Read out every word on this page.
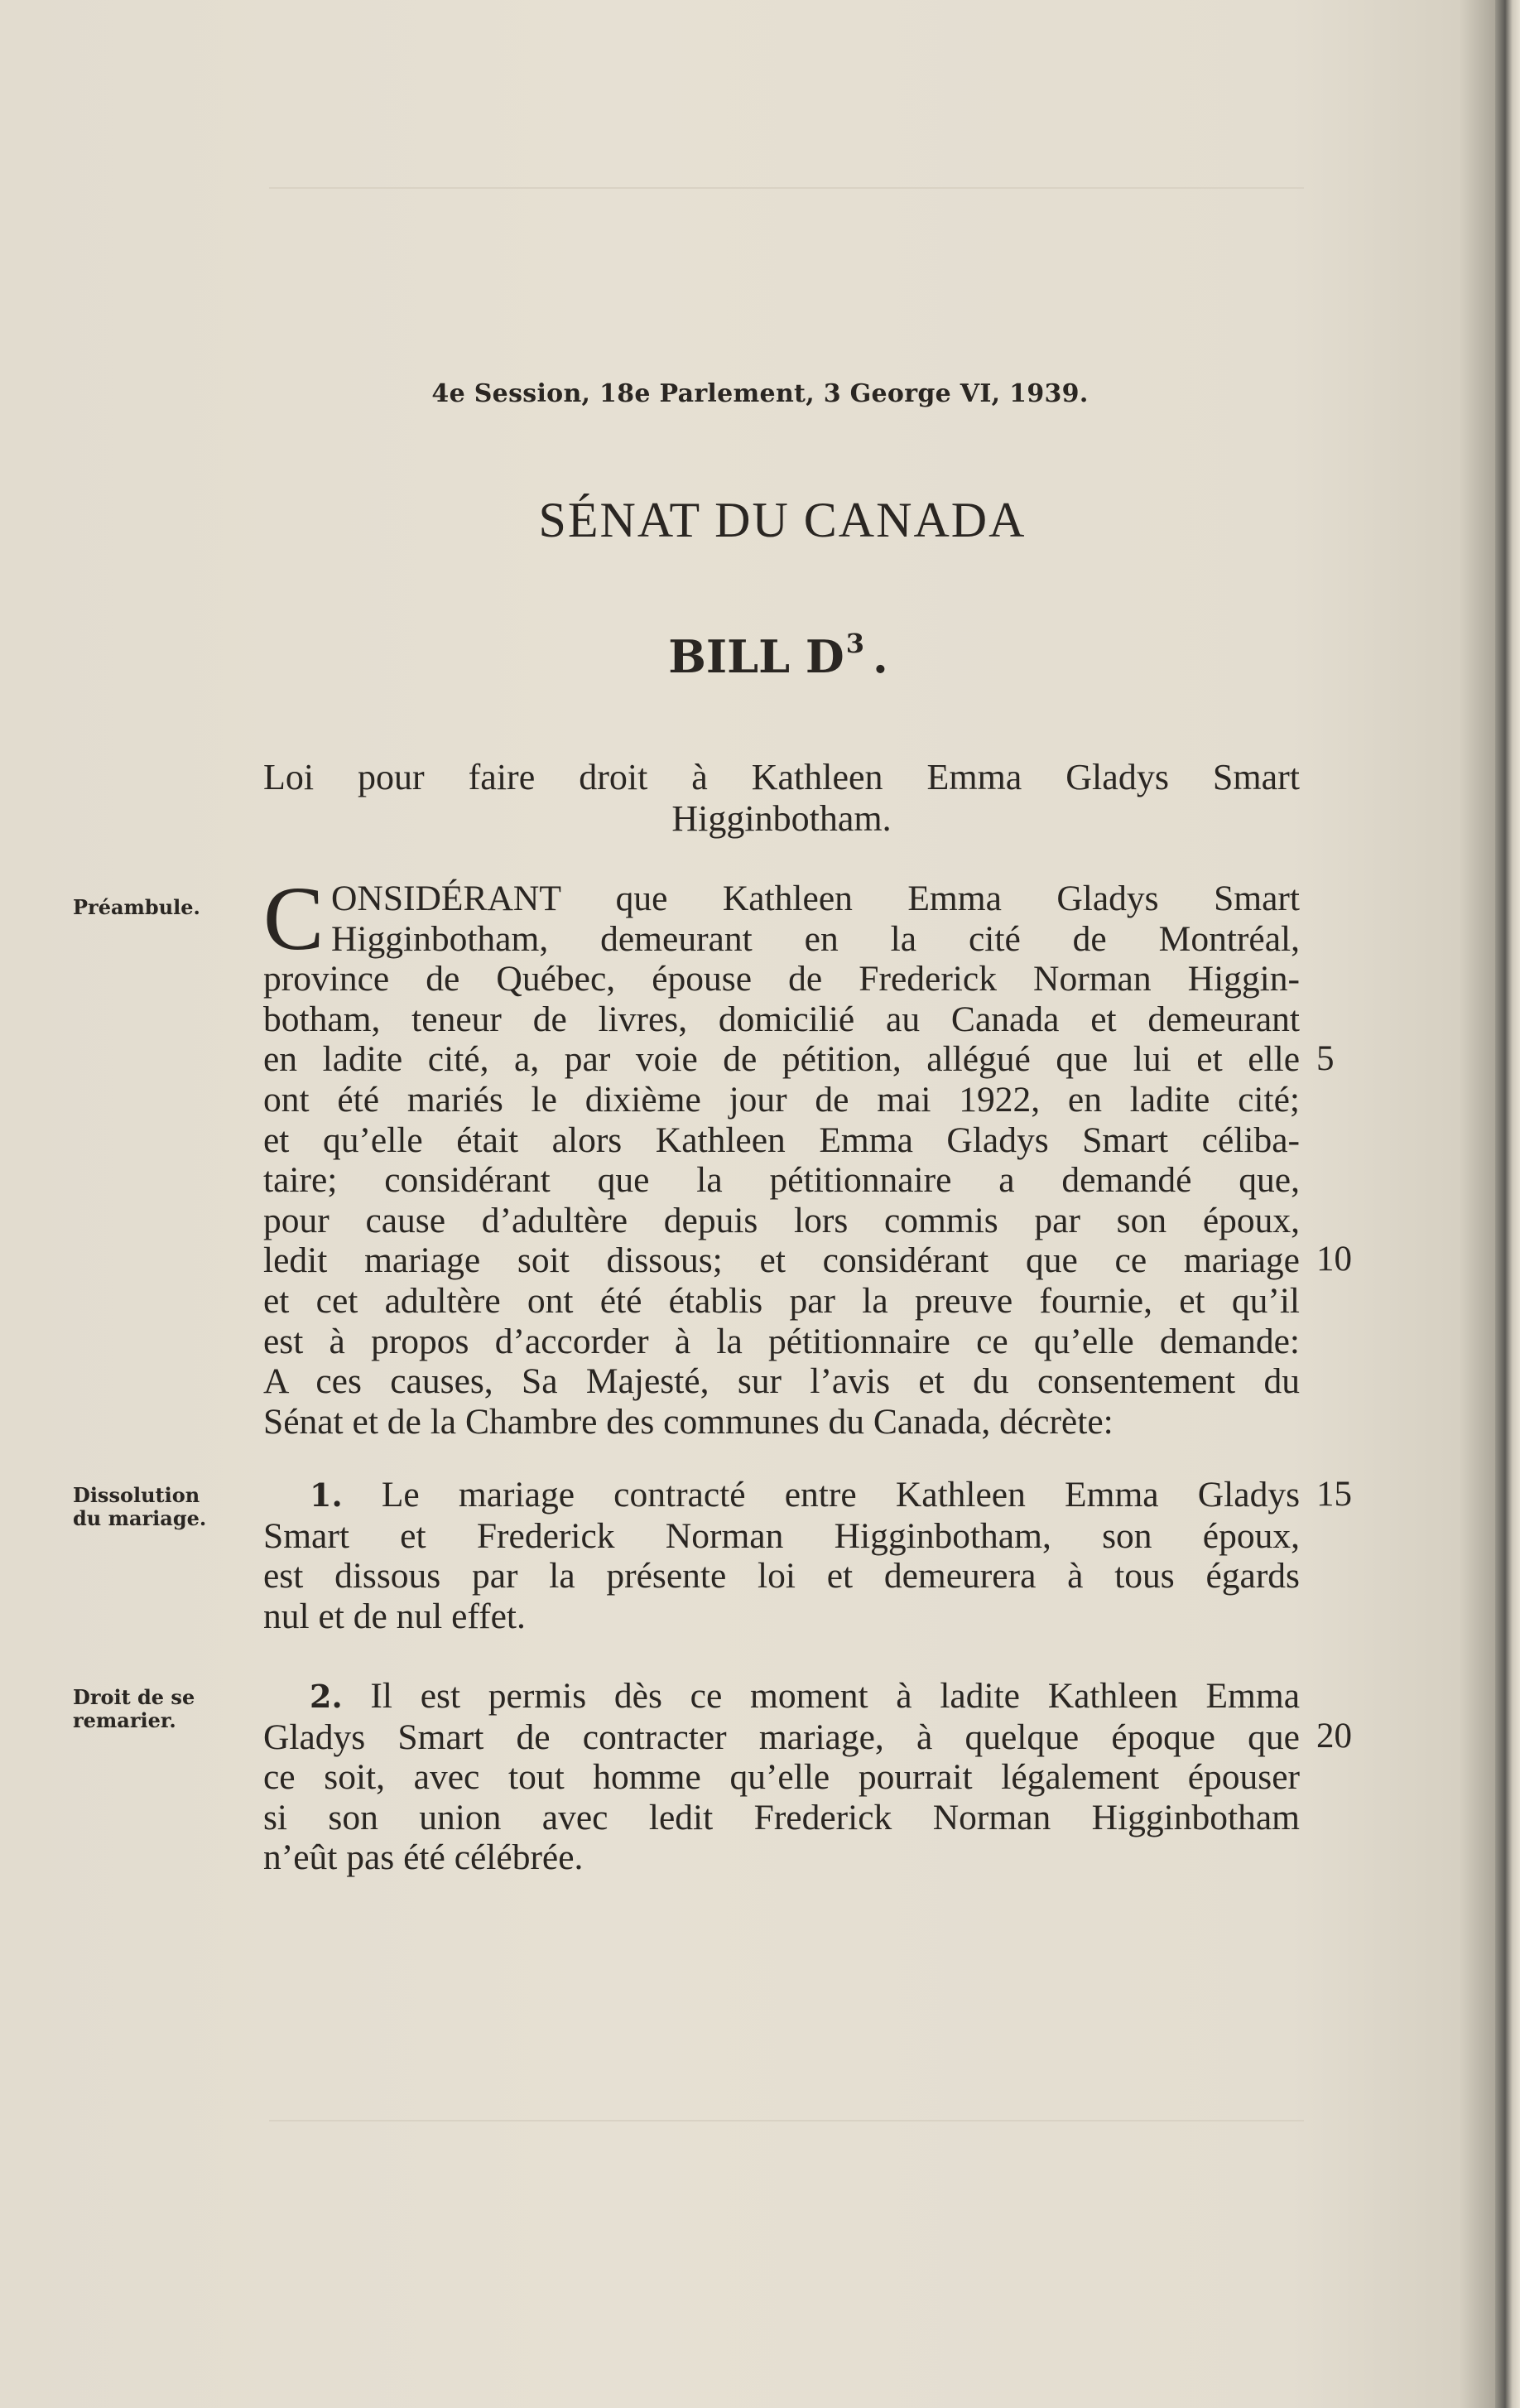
4e Session, 18e Parlement, 3 George VI, 1939.
SÉNAT DU CANADA
BILL $D^3$ .
Loi pour faire droit à Kathleen Emma Gladys Smart
Higginbotham.
Préambule. C ONSIDÉRANT que Kathleen Emma Gladys Smart
Higginbotham, demeurant en la cité de Montréal,
province de Québec, épouse de Frederick Norman Higgin-
botham, teneur de livres, domicilié au Canada et demeurant
en ladite cité, a, par voie de pétition, allégué que lui et elle
ont été mariés le dixième jour de mai 1922, en ladite cité;
et qu’elle était alors Kathleen Emma Gladys Smart céliba-
taire; considérant que la pétitionnaire a demandé que,
pour cause d’adultère depuis lors commis par son époux,
ledit mariage soit dissous; et considérant que ce mariage
et cet adultère ont été établis par la preuve fournie, et qu’il
est à propos d’accorder à la pétitionnaire ce qu’elle demande:
A ces causes, Sa Majesté, sur l’avis et du consentement du
Sénat et de la Chambre des communes du Canada, décrète:
Dissolution
du mariage.
1. Le mariage contracté entre Kathleen Emma Gladys
Smart et Frederick Norman Higginbotham, son époux,
est dissous par la présente loi et demeurera à tous égards
nul et de nul effet.
Droit de se
remarier.
2. Il est permis dès ce moment à ladite Kathleen Emma
Gladys Smart de contracter mariage, à quelque époque que
ce soit, avec tout homme qu’elle pourrait légalement épouser
si son union avec ledit Frederick Norman Higginbotham
n’eût pas été célébrée.
5
10
15
20
